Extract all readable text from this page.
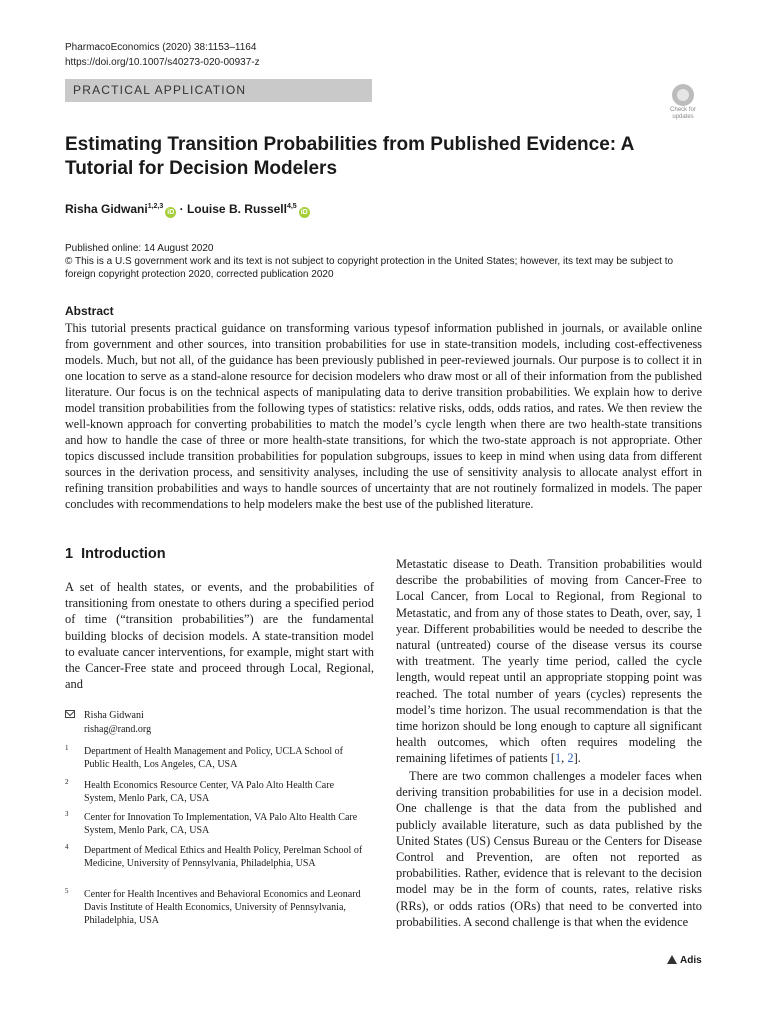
PharmacoEconomics (2020) 38:1153–1164
https://doi.org/10.1007/s40273-020-00937-z
PRACTICAL APPLICATION
Check for
updates
Estimating Transition Probabilities from Published Evidence: A Tutorial for Decision Modelers
Risha Gidwani$^{1,2,3}$iD · Louise B. Russell$^{4,5}$iD
Published online: 14 August 2020
© This is a U.S government work and its text is not subject to copyright protection in the United States; however, its text may be subject to foreign copyright protection 2020, corrected publication 2020
Abstract

This tutorial presents practical guidance on transforming various typesof information published in journals, or available online from government and other sources, into transition probabilities for use in state-transition models, including cost-effectiveness models. Much, but not all, of the guidance has been previously published in peer-reviewed journals. Our purpose is to collect it in one location to serve as a stand-alone resource for decision modelers who draw most or all of their information from the published literature. Our focus is on the technical aspects of manipulating data to derive transition probabilities. We explain how to derive model transition probabilities from the following types of statistics: relative risks, odds, odds ratios, and rates. We then review the well-known approach for converting probabilities to match the model’s cycle length when there are two health-state transitions and how to handle the case of three or more health-state transitions, for which the two-state approach is not appropriate. Other topics discussed include transition probabilities for population subgroups, issues to keep in mind when using data from different sources in the derivation process, and sensitivity analyses, including the use of sensitivity analysis to allocate analyst effort in refining transition probabilities and ways to handle sources of uncertainty that are not routinely formalized in models. The paper concludes with recommendations to help modelers make the best use of the published literature.

1 Introduction

A set of health states, or events, and the probabilities of transitioning from onestate to others during a specified period of time (“transition probabilities”) are the fundamental building blocks of decision models. A state-transition model to evaluate cancer interventions, for example, might start with the Cancer-Free state and proceed through Local, Regional, and

Metastatic disease to Death. Transition probabilities would describe the probabilities of moving from Cancer-Free to Local Cancer, from Local to Regional, from Regional to Metastatic, and from any of those states to Death, over, say, 1 year. Different probabilities would be needed to describe the natural (untreated) course of the disease versus its course with treatment. The yearly time period, called the cycle length, would repeat until an appropriate stopping point was reached. The total number of years (cycles) represents the model’s time horizon. The usual recommendation is that the time horizon should be long enough to capture all significant health outcomes, which often requires modeling the remaining lifetimes of patients [1, 2].

There are two common challenges a modeler faces when deriving transition probabilities for use in a decision model. One challenge is that the data from the published and publicly available literature, such as data published by the United States (US) Census Bureau or the Centers for Disease Control and Prevention, are often not reported as probabilities. Rather, evidence that is relevant to the decision model may be in the form of counts, rates, relative risks (RRs), or odds ratios (ORs) that need to be converted into probabilities. A second challenge is that when the evidence

Risha Gidwani
rishag@rand.org
1 Department of Health Management and Policy, UCLA School of Public Health, Los Angeles, CA, USA
2 Health Economics Resource Center, VA Palo Alto Health Care System, Menlo Park, CA, USA
3 Center for Innovation To Implementation, VA Palo Alto Health Care System, Menlo Park, CA, USA
4 Department of Medical Ethics and Health Policy, Perelman School of Medicine, University of Pennsylvania, Philadelphia, USA
5 Center for Health Incentives and Behavioral Economics and Leonard Davis Institute of Health Economics, University of Pennsylvania, Philadelphia, USA
Adis
